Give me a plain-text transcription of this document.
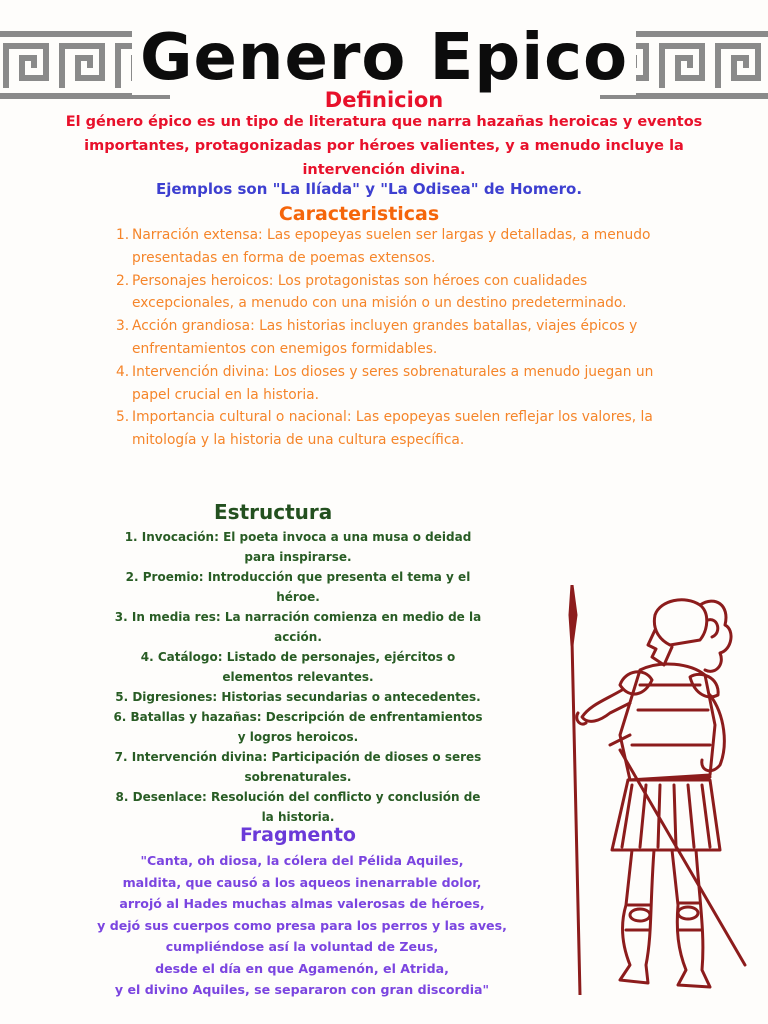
Genero Epico
Definicion

El género épico es un tipo de literatura que narra hazañas heroicas y eventos importantes, protagonizadas por héroes valientes, y a menudo incluye la intervención divina.

Ejemplos son "La Ilíada" y "La Odisea" de Homero.

Caracteristicas
1. Narración extensa: Las epopeyas suelen ser largas y detalladas, a menudo presentadas en forma de poemas extensos.
2. Personajes heroicos: Los protagonistas son héroes con cualidades excepcionales, a menudo con una misión o un destino predeterminado.
3. Acción grandiosa: Las historias incluyen grandes batallas, viajes épicos y enfrentamientos con enemigos formidables.
4. Intervención divina: Los dioses y seres sobrenaturales a menudo juegan un papel crucial en la historia.
5. Importancia cultural o nacional: Las epopeyas suelen reflejar los valores, la mitología y la historia de una cultura específica.
Estructura
1. Invocación: El poeta invoca a una musa o deidad para inspirarse.
2. Proemio: Introducción que presenta el tema y el héroe.
3. In media res: La narración comienza en medio de la acción.
4. Catálogo: Listado de personajes, ejércitos o elementos relevantes.
5. Digresiones: Historias secundarias o antecedentes.
6. Batallas y hazañas: Descripción de enfrentamientos y logros heroicos.
7. Intervención divina: Participación de dioses o seres sobrenaturales.
8. Desenlace: Resolución del conflicto y conclusión de la historia.
Fragmento
"Canta, oh diosa, la cólera del Pélida Aquiles,
maldita, que causó a los aqueos inenarrable dolor,
arrojó al Hades muchas almas valerosas de héroes,
y dejó sus cuerpos como presa para los perros y las aves,
cumpliéndose así la voluntad de Zeus,
desde el día en que Agamenón, el Atrida,
y el divino Aquiles, se separaron con gran discordia"
